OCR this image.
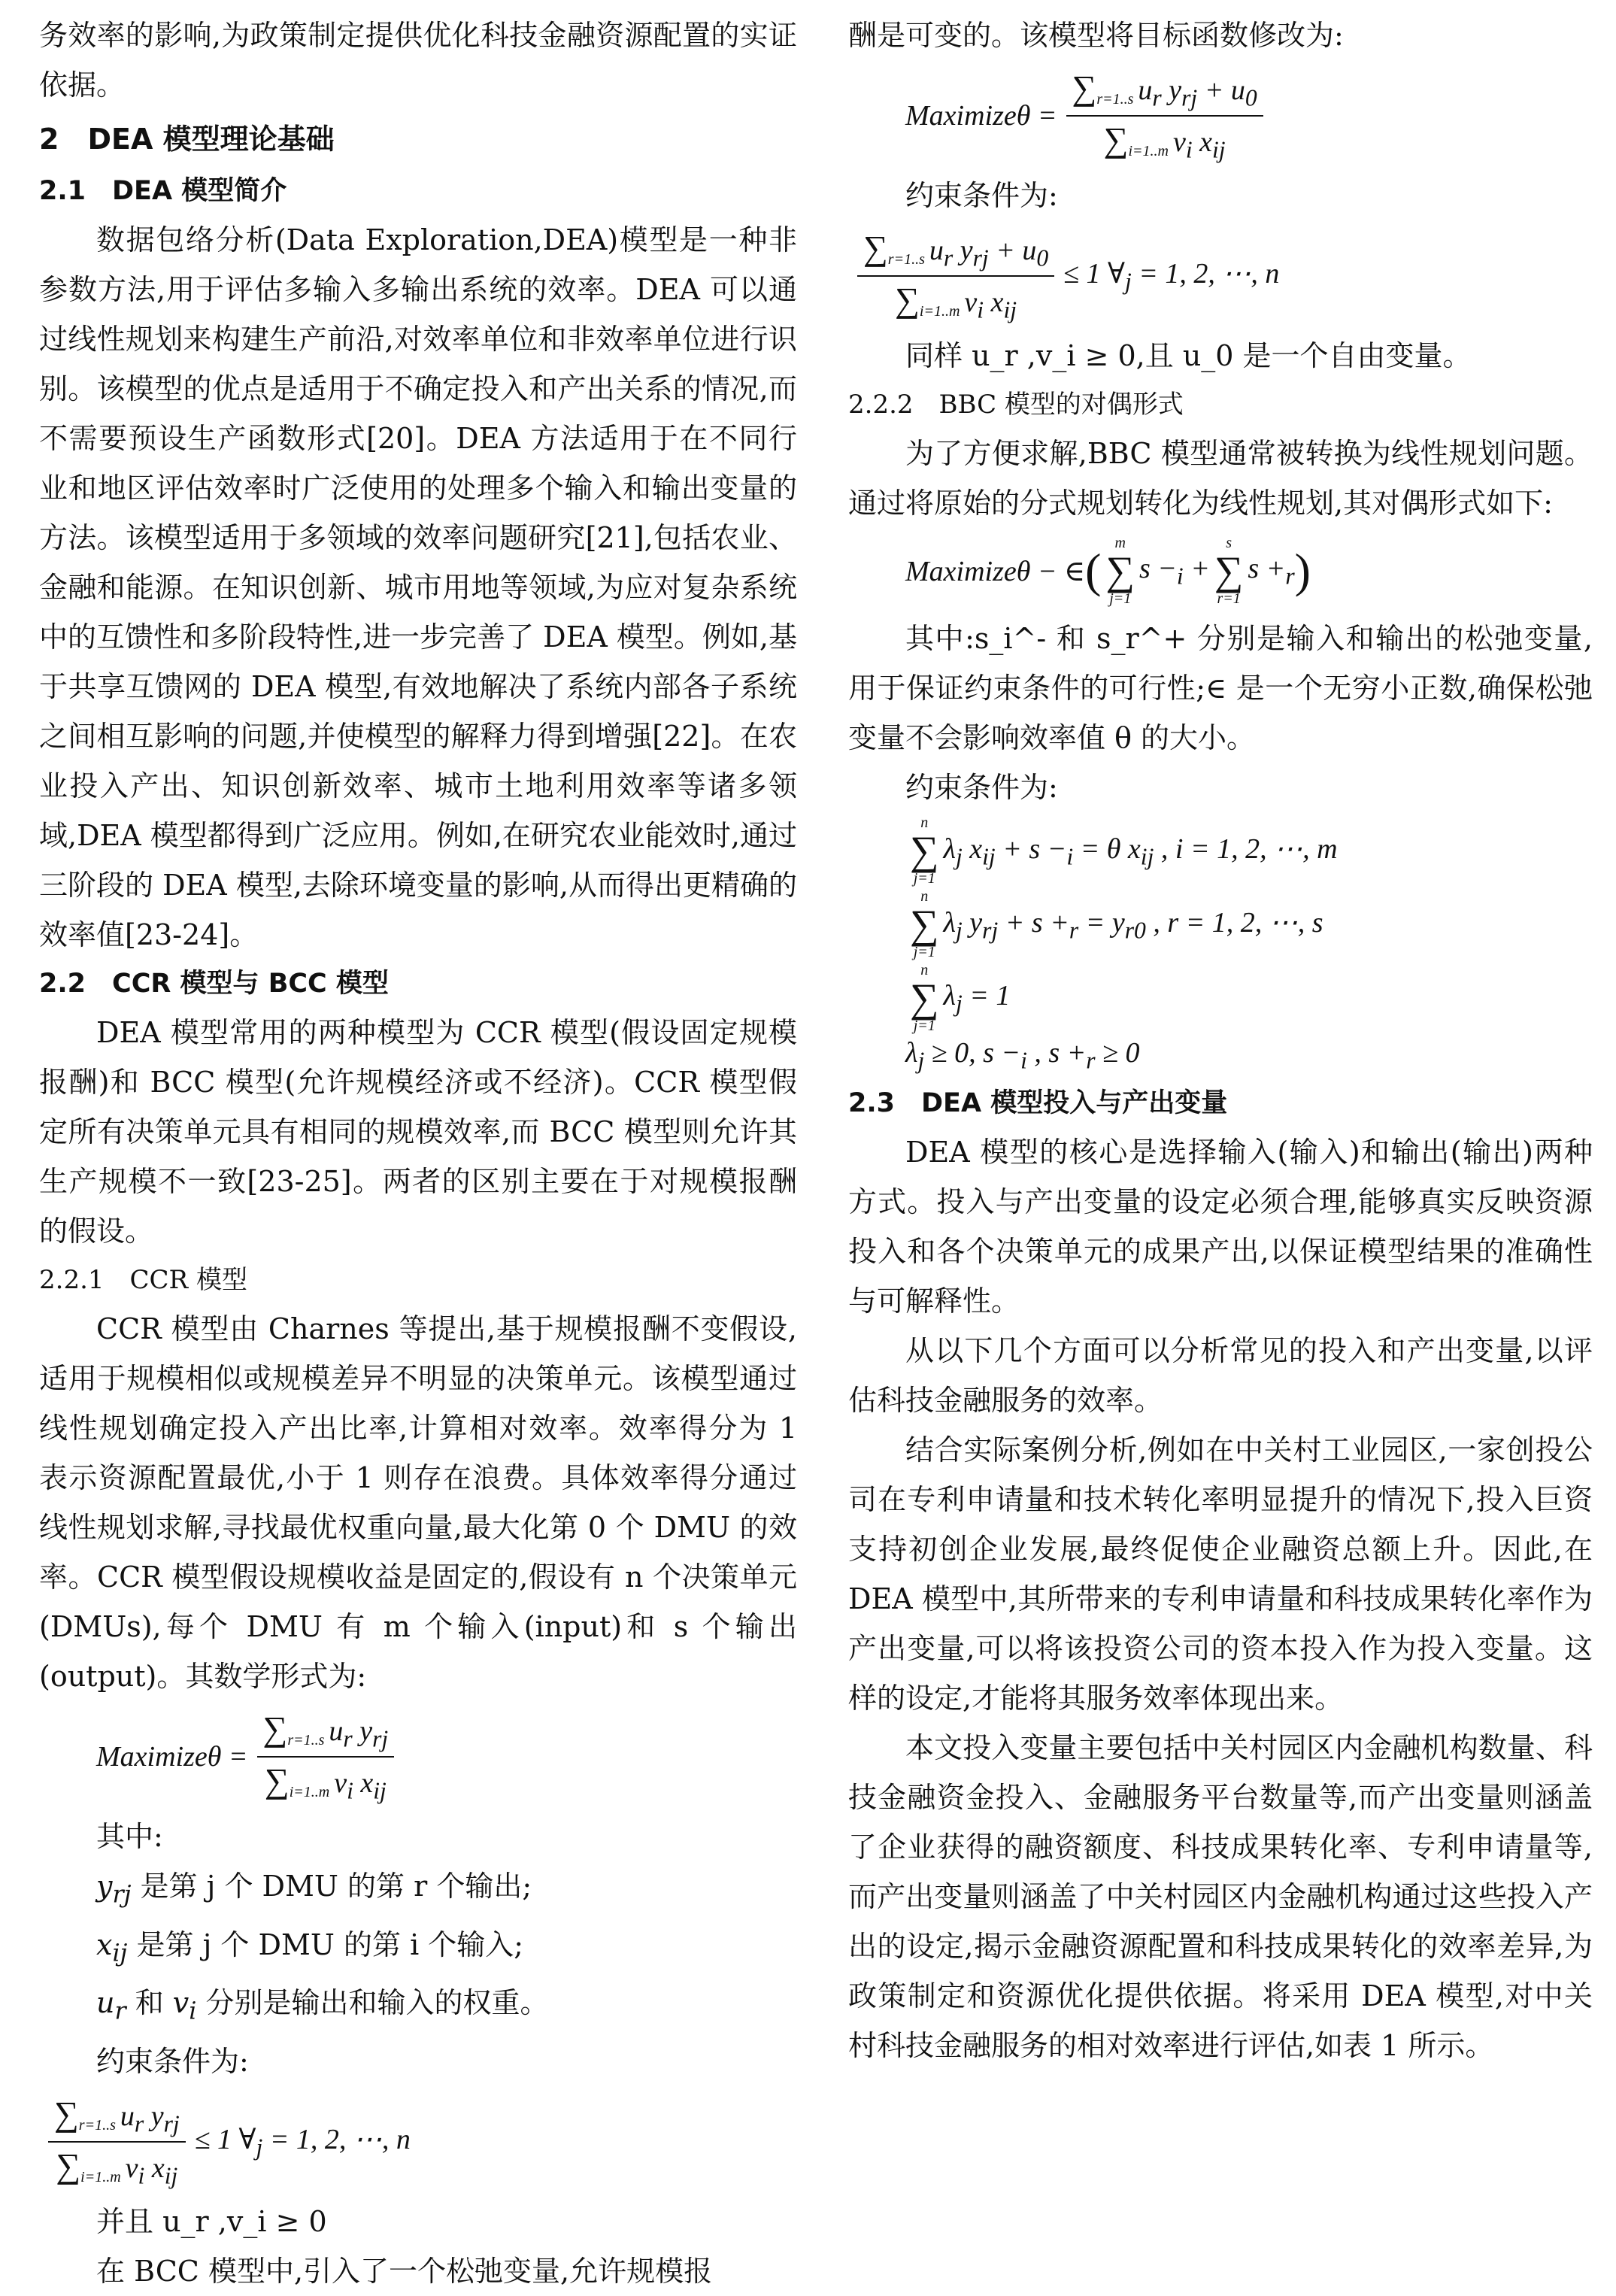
务效率的影响,为政策制定提供优化科技金融资源配置的实证依据。

2　DEA 模型理论基础
2.1　DEA 模型简介

数据包络分析(Data Exploration,DEA)模型是一种非参数方法,用于评估多输入多输出系统的效率。DEA 可以通过线性规划来构建生产前沿,对效率单位和非效率单位进行识别。该模型的优点是适用于不确定投入和产出关系的情况,而不需要预设生产函数形式[20]。DEA 方法适用于在不同行业和地区评估效率时广泛使用的处理多个输入和输出变量的方法。该模型适用于多领域的效率问题研究[21],包括农业、金融和能源。在知识创新、城市用地等领域,为应对复杂系统中的互馈性和多阶段特性,进一步完善了 DEA 模型。例如,基于共享互馈网的 DEA 模型,有效地解决了系统内部各子系统之间相互影响的问题,并使模型的解释力得到增强[22]。在农业投入产出、知识创新效率、城市土地利用效率等诸多领域,DEA 模型都得到广泛应用。例如,在研究农业能效时,通过三阶段的 DEA 模型,去除环境变量的影响,从而得出更精确的效率值[23-24]。

2.2　CCR 模型与 BCC 模型

DEA 模型常用的两种模型为 CCR 模型(假设固定规模报酬)和 BCC 模型(允许规模经济或不经济)。CCR 模型假定所有决策单元具有相同的规模效率,而 BCC 模型则允许其生产规模不一致[23-25]。两者的区别主要在于对规模报酬的假设。

2.2.1　CCR 模型

CCR 模型由 Charnes 等提出,基于规模报酬不变假设,适用于规模相似或规模差异不明显的决策单元。该模型通过线性规划确定投入产出比率,计算相对效率。效率得分为 1 表示资源配置最优,小于 1 则存在浪费。具体效率得分通过线性规划求解,寻找最优权重向量,最大化第 0 个 DMU 的效率。CCR 模型假设规模收益是固定的,假设有 n 个决策单元(DMUs),每个 DMU 有 m 个输入(input)和 s 个输出(output)。其数学形式为:

Maximizeθ = $\frac{\sum r=1..s u_r y_{rj}}{\sum i=1..m v_i x_{ij}}$

其中:

$y_{rj}$ 是第 j 个 DMU 的第 r 个输出;

$x_{ij}$ 是第 j 个 DMU 的第 i 个输入;

$u_r$ 和 $v_i$ 分别是输出和输入的权重。

约束条件为:

$\frac{\sum r=1..s u_r y_{rj}}{\sum i=1..m v_i x_{ij}} \le 1$ $\forall_j = 1$, 2, ⋯, n

并且 u_r ,v_i ≥ 0

在 BCC 模型中,引入了一个松弛变量,允许规模报

酬是可变的。该模型将目标函数修改为:

Maximizeθ = $\frac{\sum r=1..s u_r y_{rj} + u_0}{\sum i=1..m v_i x_{ij}}$

约束条件为:

$\frac{\sum r=1..s u_r y_{rj} + u_0}{\sum i=1..m v_i x_{ij}} \le 1$ $\forall_j = 1$, 2, ⋯, n

同样 u_r ,v_i ≥ 0,且 u_0 是一个自由变量。

2.2.2　BBC 模型的对偶形式

为了方便求解,BBC 模型通常被转换为线性规划问题。通过将原始的分式规划转化为线性规划,其对偶形式如下:

Maximizeθ − ∈ (
m
∑
j=1
$s -_i$ +
s
∑
r=1
$s +_r$ )

其中:s_i^- 和 s_r^+ 分别是输入和输出的松弛变量,用于保证约束条件的可行性;∈ 是一个无穷小正数,确保松弛变量不会影响效率值 θ 的大小。

约束条件为:

n
∑
j=1
$\lambda_j$ $x_{ij} + s -_i = \theta$ $x_{ij}$ , i = 1, 2, ⋯, m
n
∑
j=1
$\lambda_j$ $y_{rj} + s +_r = y_{r0}$ , r = 1, 2, ⋯, s
n
∑
j=1
$\lambda_j = 1$
$\lambda_j \ge 0$, $s -_i$ , $s +_r \ge 0$
2.3　DEA 模型投入与产出变量

DEA 模型的核心是选择输入(输入)和输出(输出)两种方式。投入与产出变量的设定必须合理,能够真实反映资源投入和各个决策单元的成果产出,以保证模型结果的准确性与可解释性。

从以下几个方面可以分析常见的投入和产出变量,以评估科技金融服务的效率。

结合实际案例分析,例如在中关村工业园区,一家创投公司在专利申请量和技术转化率明显提升的情况下,投入巨资支持初创企业发展,最终促使企业融资总额上升。因此,在 DEA 模型中,其所带来的专利申请量和科技成果转化率作为产出变量,可以将该投资公司的资本投入作为投入变量。这样的设定,才能将其服务效率体现出来。

本文投入变量主要包括中关村园区内金融机构数量、科技金融资金投入、金融服务平台数量等,而产出变量则涵盖了企业获得的融资额度、科技成果转化率、专利申请量等,而产出变量则涵盖了中关村园区内金融机构通过这些投入产出的设定,揭示金融资源配置和科技成果转化的效率差异,为政策制定和资源优化提供依据。将采用 DEA 模型,对中关村科技金融服务的相对效率进行评估,如表 1 所示。
